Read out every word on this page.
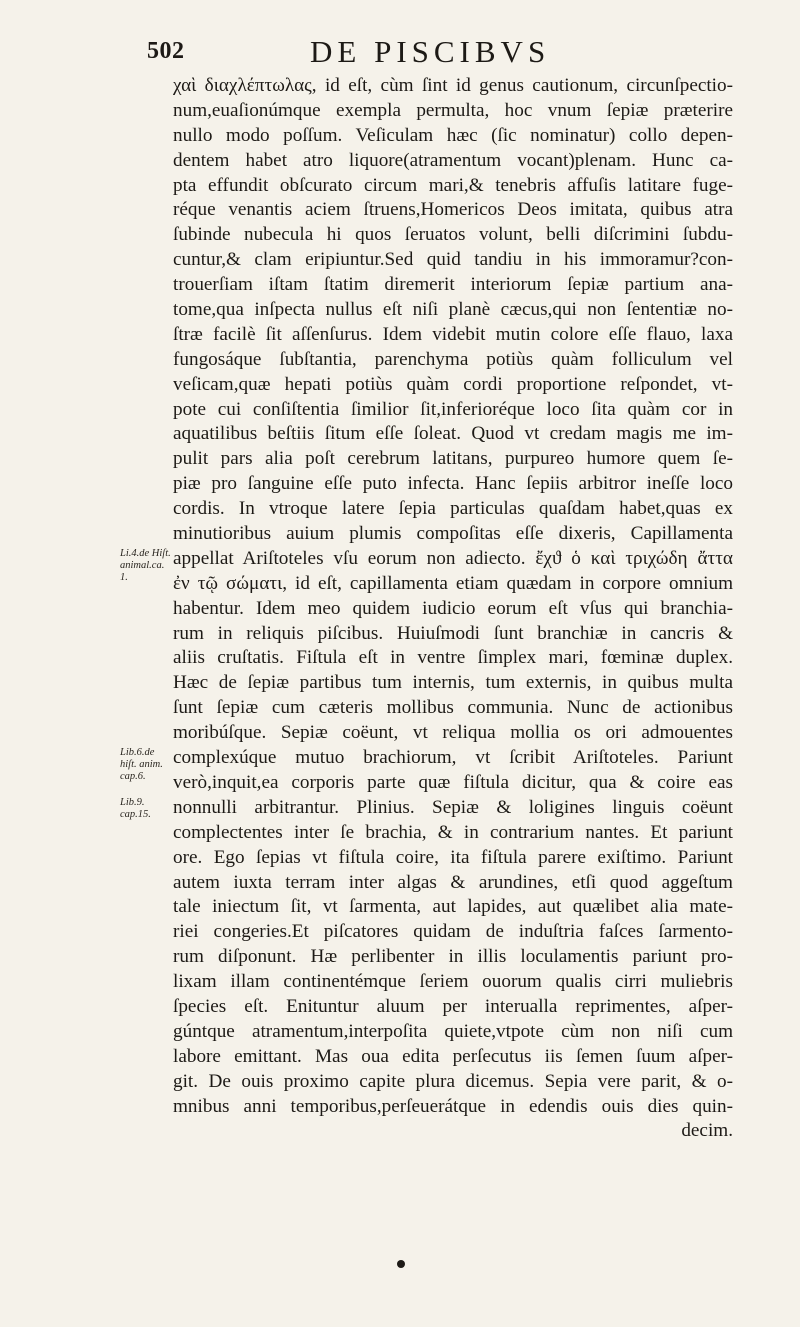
502	DE PISCIBVS
χαὶ διαχλέπτωλας, id eſt, cùm ſint id genus cautionum, circunſpectio-
num,euaſionúmque exempla permulta, hoc vnum ſepiæ præterire
nullo modo poſſum. Veſiculam hæc (ſic nominatur) collo depen-
dentem habet atro liquore(atramentum vocant)plenam. Hunc ca-
pta effundit obſcurato circum mari,& tenebris affuſis latitare fuge-
réque venantis aciem ſtruens,Homericos Deos imitata, quibus atra
ſubinde nubecula hi quos ſeruatos volunt, belli diſcrimini ſubdu-
cuntur,& clam eripiuntur.Sed quid tandiu in his immoramur?con-
trouerſiam iſtam ſtatim diremerit interiorum ſepiæ partium ana-
tome,qua inſpecta nullus eſt niſi planè cæcus,qui non ſententiæ no-
ſtræ facilè ſit aſſenſurus. Idem videbit mutin colore eſſe flauo, laxa
fungosáque ſubſtantia, parenchyma potiùs quàm folliculum vel
veſicam,quæ hepati potiùs quàm cordi proportione reſpondet, vt-
pote cui conſiſtentia ſimilior ſit,inferioréque loco ſita quàm cor in
aquatilibus beſtiis ſitum eſſe ſoleat. Quod vt credam magis me im-
pulit pars alia poſt cerebrum latitans, purpureo humore quem ſe-
piæ pro ſanguine eſſe puto infecta. Hanc ſepiis arbitror ineſſe loco
cordis. In vtroque latere ſepia particulas quaſdam habet,quas ex
minutioribus auium plumis compoſitas eſſe dixeris, Capillamenta
appellat Ariſtoteles vſu eorum non adiecto. ἔχϑ ὁ καὶ τριχώδη ἄττα
ἐν τῷ σώματι, id eſt, capillamenta etiam quædam in corpore omnium
habentur. Idem meo quidem iudicio eorum eſt vſus qui branchia-
rum in reliquis piſcibus. Huiuſmodi ſunt branchiæ in cancris &
aliis cruſtatis. Fiſtula eſt in ventre ſimplex mari, fœminæ duplex.
Hæc de ſepiæ partibus tum internis, tum externis, in quibus multa
ſunt ſepiæ cum cæteris mollibus communia. Nunc de actionibus
moribúſque. Sepiæ coëunt, vt reliqua mollia os ori admouentes
complexúque mutuo brachiorum, vt ſcribit Ariſtoteles. Pariunt
verò,inquit,ea corporis parte quæ fiſtula dicitur, qua & coire eas
nonnulli arbitrantur. Plinius. Sepiæ & loligines linguis coëunt
complectentes inter ſe brachia, & in contrarium nantes. Et pariunt
ore. Ego ſepias vt fiſtula coire, ita fiſtula parere exiſtimo. Pariunt
autem iuxta terram inter algas & arundines, etſi quod aggeſtum
tale iniectum ſit, vt ſarmenta, aut lapides, aut quælibet alia mate-
riei congeries.Et piſcatores quidam de induſtria faſces ſarmento-
rum diſponunt. Hæ perlibenter in illis loculamentis pariunt pro-
lixam illam continentémque ſeriem ouorum qualis cirri muliebris
ſpecies eſt. Enituntur aluum per interualla reprimentes, aſper-
gúntque atramentum,interpoſita quiete,vtpote cùm non niſi cum
labore emittant. Mas oua edita perſecutus iis ſemen ſuum aſper-
git. De ouis proximo capite plura dicemus. Sepia vere parit, & o-
mnibus anni temporibus,perſeuerátque in edendis ouis dies quin-
decim.
Li.4.de Hiſt. animal.ca. 1.
Lib.6.de hiſt. anim. cap.6.
Lib.9. cap.15.
